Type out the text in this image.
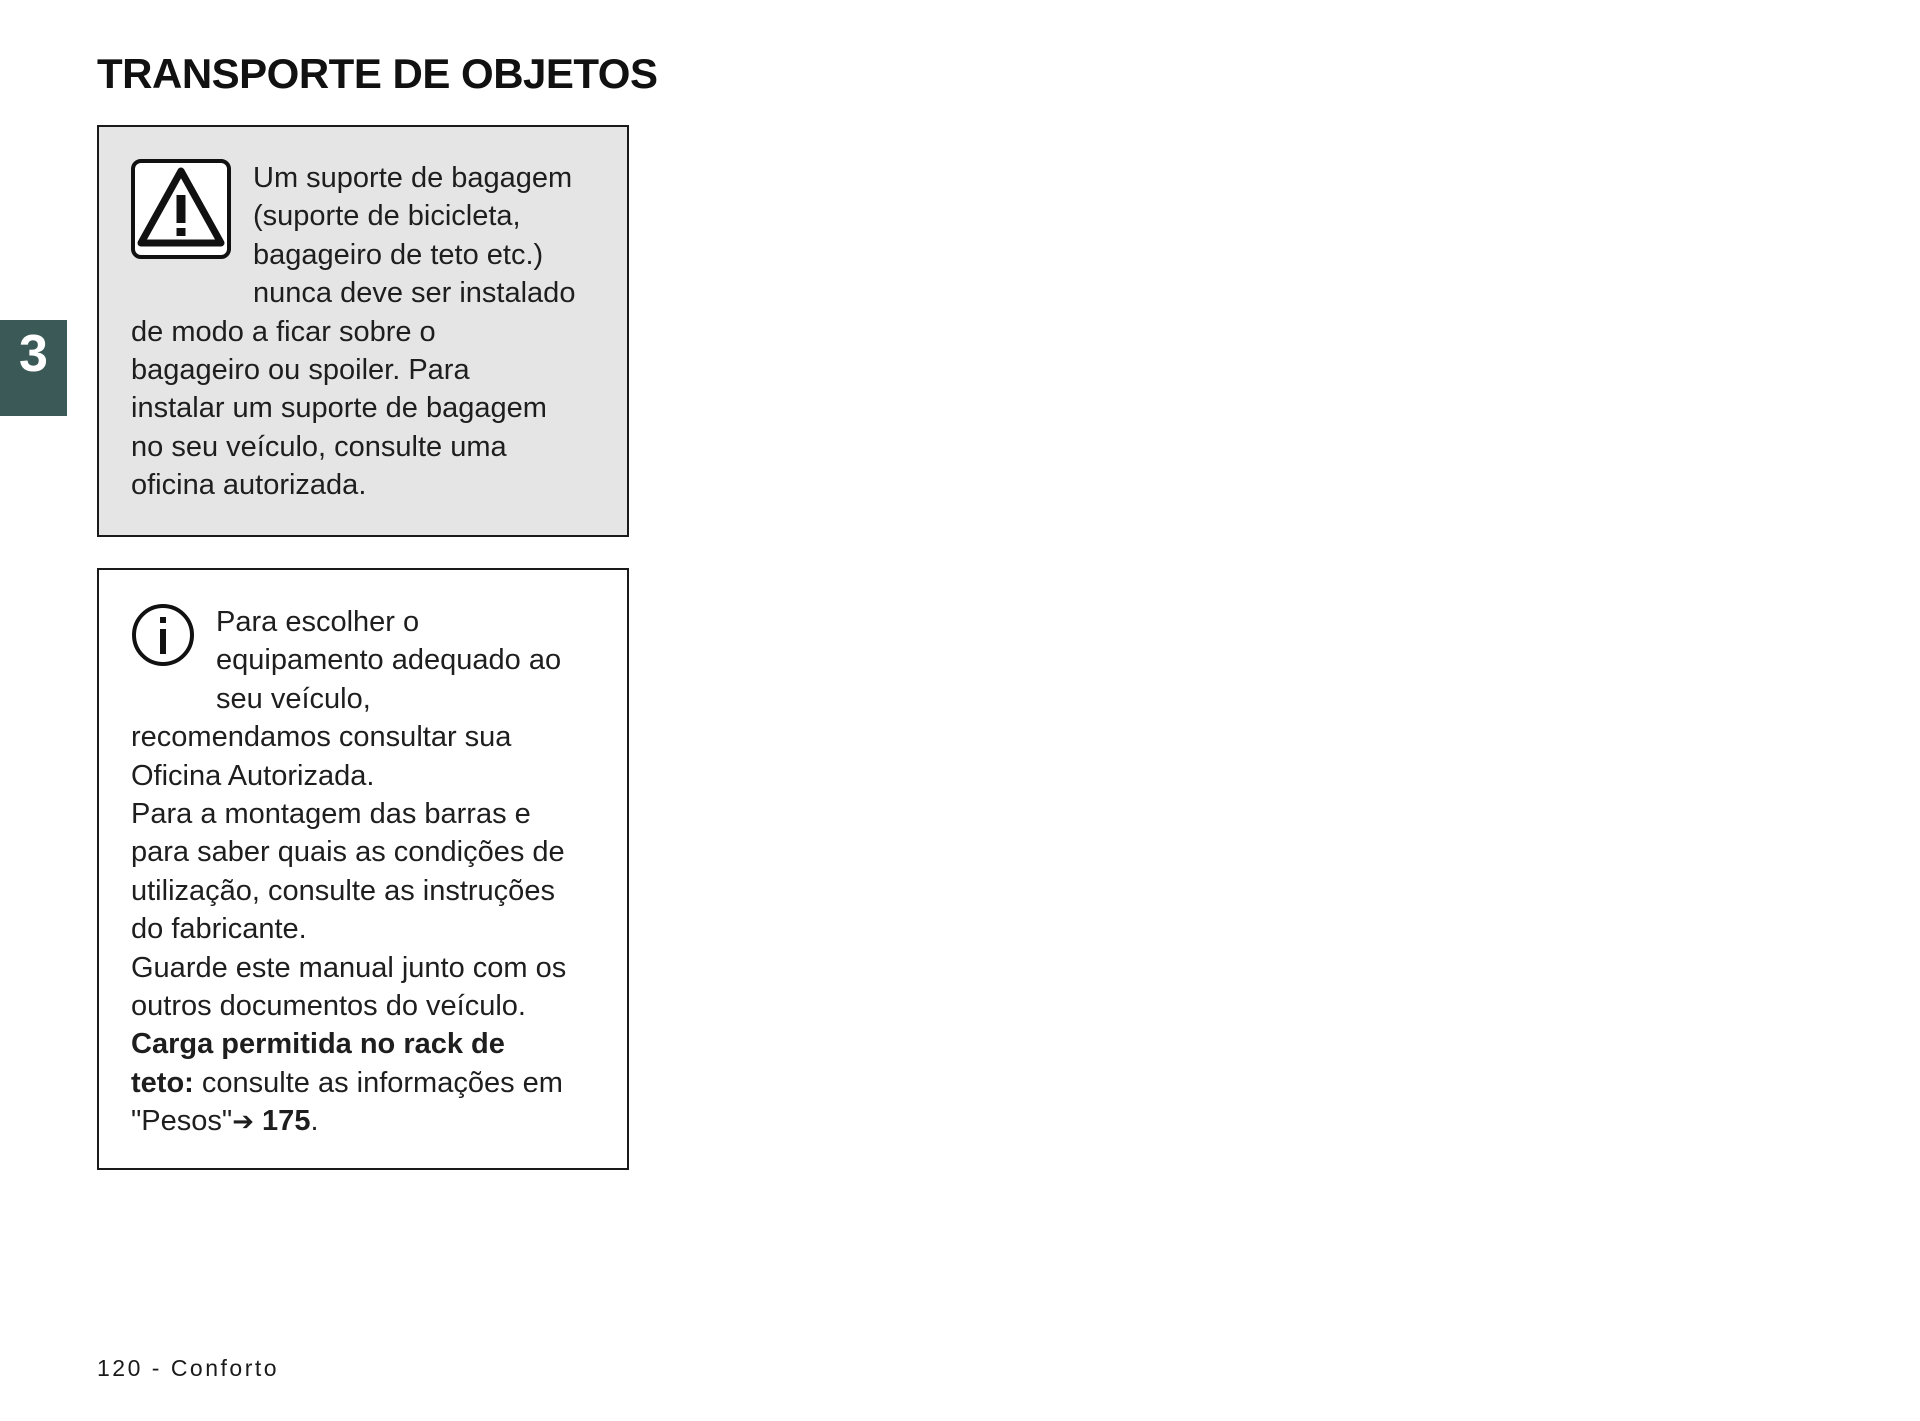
TRANSPORTE DE OBJETOS
3
Um suporte de bagagem
(suporte de bicicleta,
bagageiro de teto etc.)
nunca deve ser instalado
de modo a ficar sobre o
bagageiro ou spoiler. Para
instalar um suporte de bagagem
no seu veículo, consulte uma
oficina autorizada.
Para escolher o
equipamento adequado ao
seu veículo,
recomendamos consultar sua
Oficina Autorizada.
Para a montagem das barras e
para saber quais as condições de
utilização, consulte as instruções
do fabricante.
Guarde este manual junto com os
outros documentos do veículo.
Carga permitida no rack de
teto: consulte as informações em
"Pesos"➔ 175.
120 - Conforto
